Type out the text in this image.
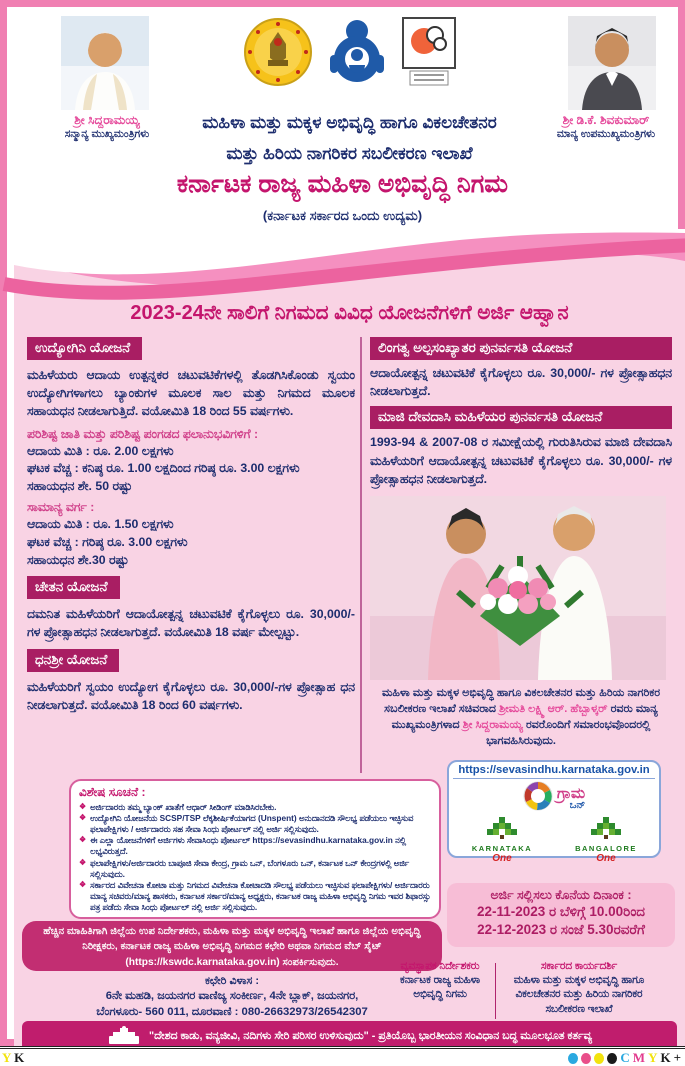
ಶ್ರೀ ಸಿದ್ದರಾಮಯ್ಯ
ಸನ್ಮಾನ್ಯ ಮುಖ್ಯಮಂತ್ರಿಗಳು
ಶ್ರೀ ಡಿ.ಕೆ. ಶಿವಕುಮಾರ್
ಮಾನ್ಯ ಉಪಮುಖ್ಯಮಂತ್ರಿಗಳು
ಮಹಿಳಾ ಮತ್ತು ಮಕ್ಕಳ ಅಭಿವೃದ್ಧಿ ಹಾಗೂ ವಿಕಲಚೇತನರ
ಮತ್ತು ಹಿರಿಯ ನಾಗರಿಕರ ಸಬಲೀಕರಣ ಇಲಾಖೆ
ಕರ್ನಾಟಕ ರಾಜ್ಯ ಮಹಿಳಾ ಅಭಿವೃದ್ಧಿ ನಿಗಮ
(ಕರ್ನಾಟಕ ಸರ್ಕಾರದ ಒಂದು ಉದ್ಯಮ)
2023-24ನೇ ಸಾಲಿಗೆ ನಿಗಮದ ವಿವಿಧ ಯೋಜನೆಗಳಿಗೆ ಅರ್ಜಿ ಆಹ್ವಾನ
ಉದ್ಯೋಗಿನಿ ಯೋಜನೆ
ಮಹಿಳೆಯರು ಆದಾಯ ಉತ್ಪನ್ನಕರ ಚಟುವಟಿಕೆಗಳಲ್ಲಿ ತೊಡಗಿಸಿಕೊಂಡು ಸ್ವಯಂ ಉದ್ಯೋಗಿಗಳಾಗಲು ಬ್ಯಾಂಕುಗಳ ಮೂಲಕ ಸಾಲ ಮತ್ತು ನಿಗಮದ ಮೂಲಕ ಸಹಾಯಧನ ನೀಡಲಾಗುತ್ತಿದೆ. ವಯೋಮಿತಿ 18 ರಿಂದ 55 ವರ್ಷಗಳು.
ಪರಿಶಿಷ್ಟ ಜಾತಿ ಮತ್ತು ಪರಿಶಿಷ್ಟ ಪಂಗಡದ ಫಲಾನುಭವಿಗಳಿಗೆ :
ಆದಾಯ ಮಿತಿ : ರೂ. 2.00 ಲಕ್ಷಗಳು
ಘಟಕ ವೆಚ್ಚ : ಕನಿಷ್ಠ ರೂ. 1.00 ಲಕ್ಷದಿಂದ ಗರಿಷ್ಠ ರೂ. 3.00 ಲಕ್ಷಗಳು
ಸಹಾಯಧನ ಶೇ. 50 ರಷ್ಟು
ಸಾಮಾನ್ಯ ವರ್ಗ :
ಆದಾಯ ಮಿತಿ : ರೂ. 1.50 ಲಕ್ಷಗಳು
ಘಟಕ ವೆಚ್ಚ : ಗರಿಷ್ಠ ರೂ. 3.00 ಲಕ್ಷಗಳು
ಸಹಾಯಧನ ಶೇ.30 ರಷ್ಟು
ಚೇತನ ಯೋಜನೆ
ದಮನಿತ ಮಹಿಳೆಯರಿಗೆ ಆದಾಯೋತ್ಪನ್ನ ಚಟುವಟಿಕೆ ಕೈಗೊಳ್ಳಲು ರೂ. 30,000/- ಗಳ ಪ್ರೋತ್ಸಾಹಧನ ನೀಡಲಾಗುತ್ತದೆ. ವಯೋಮಿತಿ 18 ವರ್ಷ ಮೇಲ್ಪಟ್ಟು.
ಧನಶ್ರೀ ಯೋಜನೆ
ಮಹಿಳೆಯರಿಗೆ ಸ್ವಯಂ ಉದ್ಯೋಗ ಕೈಗೊಳ್ಳಲು ರೂ. 30,000/-ಗಳ ಪ್ರೋತ್ಸಾಹ ಧನ ನೀಡಲಾಗುತ್ತದೆ. ವಯೋಮಿತಿ 18 ರಿಂದ 60 ವರ್ಷಗಳು.
ಲಿಂಗತ್ವ ಅಲ್ಪಸಂಖ್ಯಾತರ ಪುನರ್ವಸತಿ ಯೋಜನೆ
ಆದಾಯೋತ್ಪನ್ನ ಚಟುವಟಿಕೆ ಕೈಗೊಳ್ಳಲು ರೂ. 30,000/- ಗಳ ಪ್ರೋತ್ಸಾಹಧನ ನೀಡಲಾಗುತ್ತದೆ.
ಮಾಜಿ ದೇವದಾಸಿ ಮಹಿಳೆಯರ ಪುನರ್ವಸತಿ ಯೋಜನೆ
1993-94 & 2007-08 ರ ಸಮೀಕ್ಷೆಯಲ್ಲಿ ಗುರುತಿಸಿರುವ ಮಾಜಿ ದೇವದಾಸಿ ಮಹಿಳೆಯರಿಗೆ ಆದಾಯೋತ್ಪನ್ನ ಚಟುವಟಿಕೆ ಕೈಗೊಳ್ಳಲು ರೂ. 30,000/- ಗಳ ಪ್ರೋತ್ಸಾಹಧನ ನೀಡಲಾಗುತ್ತದೆ.
ಮಹಿಳಾ ಮತ್ತು ಮಕ್ಕಳ ಅಭಿವೃದ್ಧಿ ಹಾಗೂ ವಿಕಲಚೇತನರ ಮತ್ತು ಹಿರಿಯ ನಾಗರಿಕರ ಸಬಲೀಕರಣ ಇಲಾಖೆ ಸಚಿವರಾದ ಶ್ರೀಮತಿ ಲಕ್ಷ್ಮಿ ಆರ್. ಹೆಬ್ಬಾಳ್ಕರ್ ರವರು ಮಾನ್ಯ ಮುಖ್ಯಮಂತ್ರಿಗಳಾದ ಶ್ರೀ ಸಿದ್ದರಾಮಯ್ಯ ರವರೊಂದಿಗೆ ಸಮಾರಂಭವೊಂದರಲ್ಲಿ ಭಾಗವಹಿಸಿರುವುದು.
ವಿಶೇಷ ಸೂಚನೆ :
❖ ಅರ್ಜಿದಾರರು ತಮ್ಮ ಬ್ಯಾಂಕ್ ಖಾತೆಗೆ ಆಧಾರ್ ಸೀಡಿಂಗ್ ಮಾಡಿಸಿರಬೇಕು.
❖ ಉದ್ಯೋಗಿನಿ ಯೋಜನೆಯ SCSP/TSP ಲೆಕ್ಕಶೀರ್ಷಿಕೆಯಾಗದ (Unspent) ಅನುದಾನದಡಿ ಸೌಲಭ್ಯ ಪಡೆಯಲು ಇಚ್ಛಿಸುವ ಫಲಾಪೇಕ್ಷಿಗಳು / ಅರ್ಜಿದಾರರು ಸಹ ಸೇವಾ ಸಿಂಧು ಪೋರ್ಟಲ್ ನಲ್ಲಿ ಅರ್ಜಿ ಸಲ್ಲಿಸುವುದು.
❖ ಈ ಎಲ್ಲಾ ಯೋಜನೆಗಳಿಗೆ ಅರ್ಜಿಗಳು ಸೇವಾಸಿಂಧು ಪೋರ್ಟಲ್ https://sevasindhu.karnataka.gov.in ನಲ್ಲಿ ಲಭ್ಯವಿರುತ್ತದೆ.
❖ ಫಲಾಪೇಕ್ಷಿಗಳು/ಅರ್ಜಿದಾರರು ಬಾಪೂಜಿ ಸೇವಾ ಕೇಂದ್ರ, ಗ್ರಾಮ ಒನ್, ಬೆಂಗಳೂರು ಒನ್, ಕರ್ನಾಟಕ ಒನ್ ಕೇಂದ್ರಗಳಲ್ಲಿ ಅರ್ಜಿ ಸಲ್ಲಿಸುವುದು.
❖ ಸರ್ಕಾರದ ವಿವೇಚನಾ ಕೋಟಾ ಮತ್ತು ನಿಗಮದ ವಿವೇಚನಾ ಕೋಟಾದಡಿ ಸೌಲಭ್ಯ ಪಡೆಯಲು ಇಚ್ಛಿಸುವ ಫಲಾಪೇಕ್ಷಿಗಳು/ ಅರ್ಜಿದಾರರು ಮಾನ್ಯ ಸಚಿವರು/ಮಾನ್ಯ ಶಾಸಕರು, ಕರ್ನಾಟಕ ಸರ್ಕಾರ/ಮಾನ್ಯ ಅಧ್ಯಕ್ಷರು, ಕರ್ನಾಟಕ ರಾಜ್ಯ ಮಹಿಳಾ ಅಭಿವೃದ್ಧಿ ನಿಗಮ ಇವರ ಶಿಫಾರಸ್ಸು ಪತ್ರ ಪಡೆದು ಸೇವಾ ಸಿಂಧು ಪೋರ್ಟಲ್ ನಲ್ಲಿ ಅರ್ಜಿ ಸಲ್ಲಿಸುವುದು.
https://sevasindhu.karnataka.gov.in
ಗ್ರಾಮ
ಒನ್
KARNATAKA
One
BANGALORE
One
ಅರ್ಜಿ ಸಲ್ಲಿಸಲು ಕೊನೆಯ ದಿನಾಂಕ :
22-11-2023 ರ ಬೆಳಿಗ್ಗೆ 10.00ರಿಂದ
22-12-2023 ರ ಸಂಜೆ 5.30ರವರೆಗೆ
ಹೆಚ್ಚಿನ ಮಾಹಿತಿಗಾಗಿ ಜಿಲ್ಲೆಯ ಉಪ ನಿರ್ದೇಶಕರು, ಮಹಿಳಾ ಮತ್ತು ಮಕ್ಕಳ ಅಭಿವೃದ್ಧಿ ಇಲಾಖೆ ಹಾಗೂ ಜಿಲ್ಲೆಯ ಅಭಿವೃದ್ಧಿ ನಿರೀಕ್ಷಕರು, ಕರ್ನಾಟಕ ರಾಜ್ಯ ಮಹಿಳಾ ಅಭಿವೃದ್ಧಿ ನಿಗಮದ ಕಛೇರಿ ಅಥವಾ ನಿಗಮದ ವೆಬ್ ಸೈಟ್ (https://kswdc.karnataka.gov.in) ಸಂಪರ್ಕಿಸುವುದು.
ಕಛೇರಿ ವಿಳಾಸ :
6ನೇ ಮಹಡಿ, ಜಯನಗರ ವಾಣಿಜ್ಯ ಸಂಕೀರ್ಣ, 4ನೇ ಬ್ಲಾಕ್, ಜಯನಗರ,
ಬೆಂಗಳೂರು- 560 011, ದೂರವಾಣಿ : 080-26632973/26542307
ವ್ಯವಸ್ಥಾಪಕ ನಿರ್ದೇಶಕರು
ಕರ್ನಾಟಕ ರಾಜ್ಯ ಮಹಿಳಾ ಅಭಿವೃದ್ಧಿ ನಿಗಮ
ಸರ್ಕಾರದ ಕಾರ್ಯದರ್ಶಿ
ಮಹಿಳಾ ಮತ್ತು ಮಕ್ಕಳ ಅಭಿವೃದ್ಧಿ ಹಾಗೂ ವಿಕಲಚೇತನರ ಮತ್ತು ಹಿರಿಯ ನಾಗರಿಕರ ಸಬಲೀಕರಣ ಇಲಾಖೆ
"ದೇಶದ ಕಾಡು, ವನ್ಯಜೀವಿ, ನದಿಗಳು ಸೇರಿ ಪರಿಸರ ಉಳಿಸುವುದು" - ಪ್ರತಿಯೊಬ್ಬ ಭಾರತೀಯನ ಸಂವಿಧಾನ ಬದ್ಧ ಮೂಲಭೂತ ಕರ್ತವ್ಯ
Y K	C M Y K +
